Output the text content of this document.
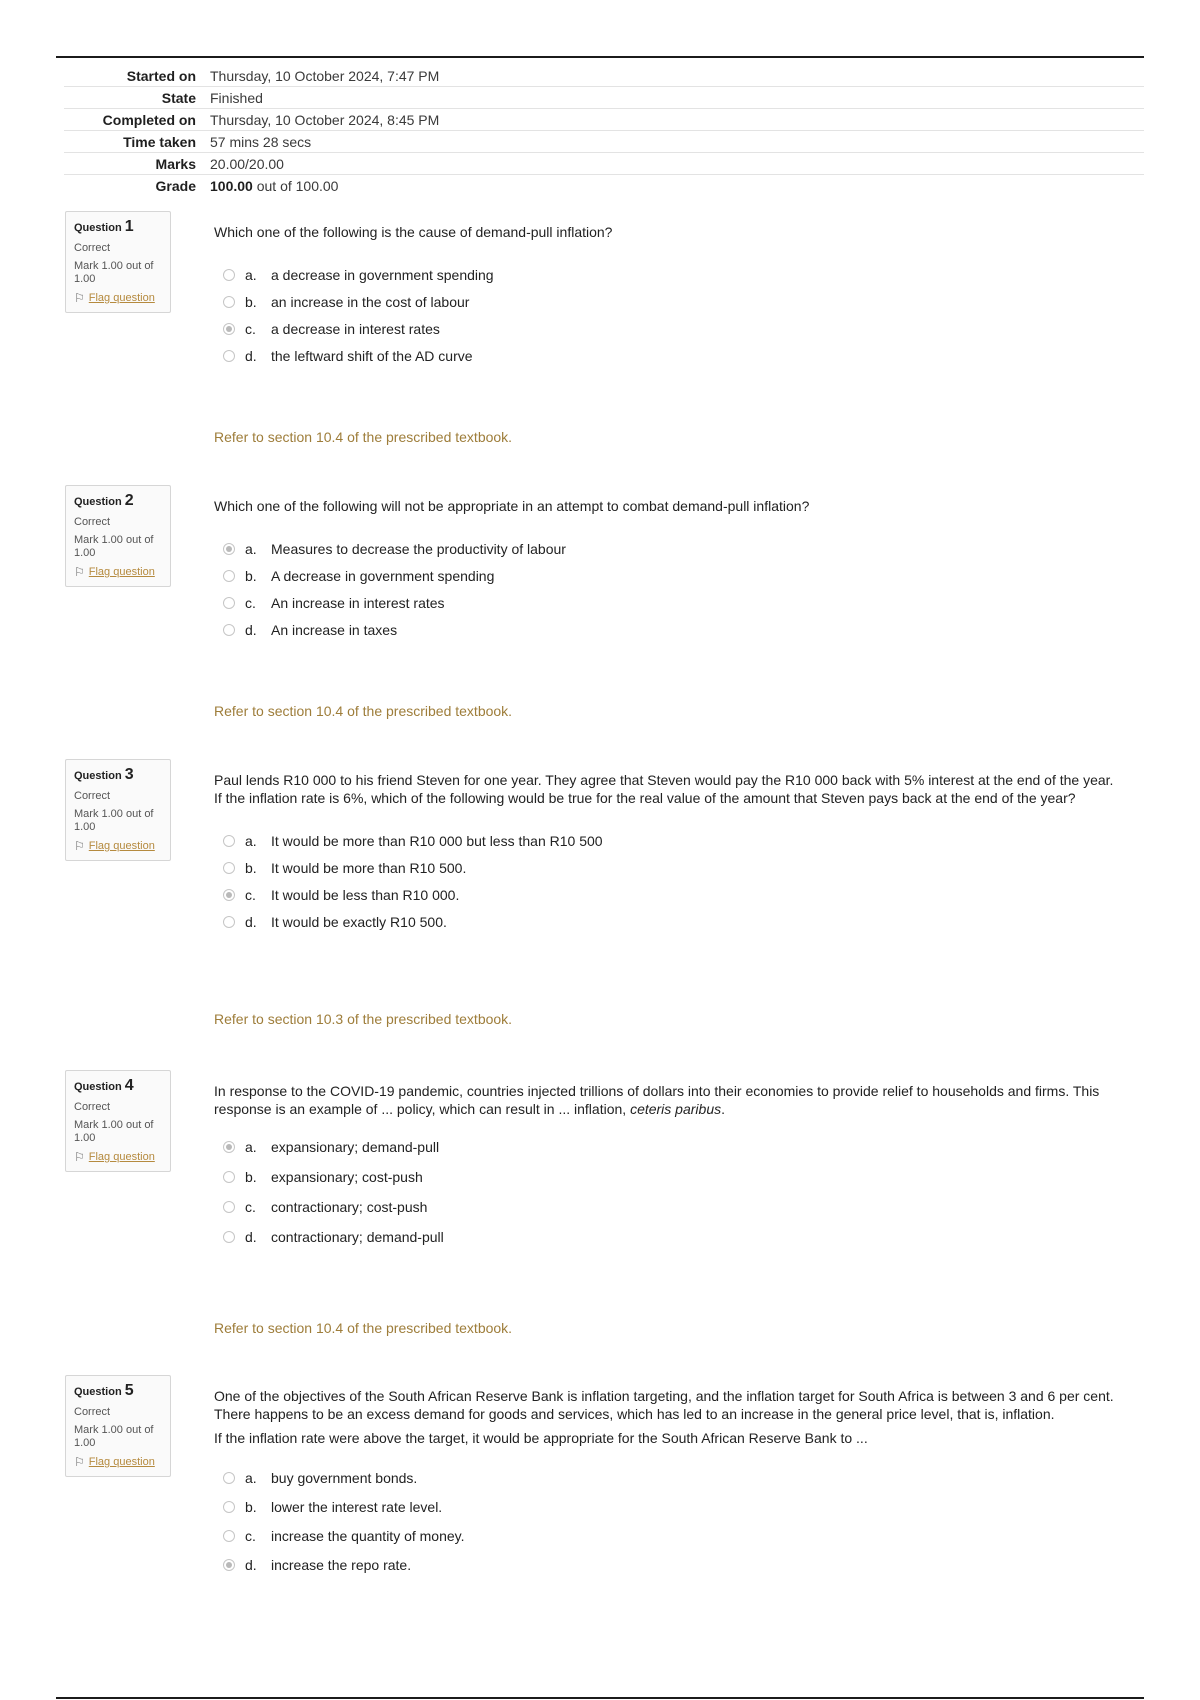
Started on	Thursday, 10 October 2024, 7:47 PM
State	Finished
Completed on	Thursday, 10 October 2024, 8:45 PM
Time taken	57 mins 28 secs
Marks	20.00/20.00
Grade	100.00 out of 100.00
Question 1
Correct
Mark 1.00 out of 1.00
⚐ Flag question
Which one of the following is the cause of demand-pull inflation?
a.	a decrease in government spending
b.	an increase in the cost of labour
c.	a decrease in interest rates
d.	the leftward shift of the AD curve
Refer to section 10.4 of the prescribed textbook.
Question 2
Correct
Mark 1.00 out of 1.00
⚐ Flag question
Which one of the following will not be appropriate in an attempt to combat demand-pull inflation?
a.	Measures to decrease the productivity of labour
b.	A decrease in government spending
c.	An increase in interest rates
d.	An increase in taxes
Refer to section 10.4 of the prescribed textbook.
Question 3
Correct
Mark 1.00 out of 1.00
⚐ Flag question
Paul lends R10 000 to his friend Steven for one year. They agree that Steven would pay the R10 000 back with 5% interest at the end of the year. If the inflation rate is 6%, which of the following would be true for the real value of the amount that Steven pays back at the end of the year?
a.	It would be more than R10 000 but less than R10 500
b.	It would be more than R10 500.
c.	It would be less than R10 000.
d.	It would be exactly R10 500.
Refer to section 10.3 of the prescribed textbook.
Question 4
Correct
Mark 1.00 out of 1.00
⚐ Flag question
In response to the COVID-19 pandemic, countries injected trillions of dollars into their economies to provide relief to households and firms. This response is an example of ... policy, which can result in ... inflation, ceteris paribus.
a.	expansionary; demand-pull
b.	expansionary; cost-push
c.	contractionary; cost-push
d.	contractionary; demand-pull
Refer to section 10.4 of the prescribed textbook.
Question 5
Correct
Mark 1.00 out of 1.00
⚐ Flag question

One of the objectives of the South African Reserve Bank is inflation targeting, and the inflation target for South Africa is between 3 and 6 per cent. There happens to be an excess demand for goods and services, which has led to an increase in the general price level, that is, inflation.

If the inflation rate were above the target, it would be appropriate for the South African Reserve Bank to ...

a.	buy government bonds.
b.	lower the interest rate level.
c.	increase the quantity of money.
d.	increase the repo rate.
